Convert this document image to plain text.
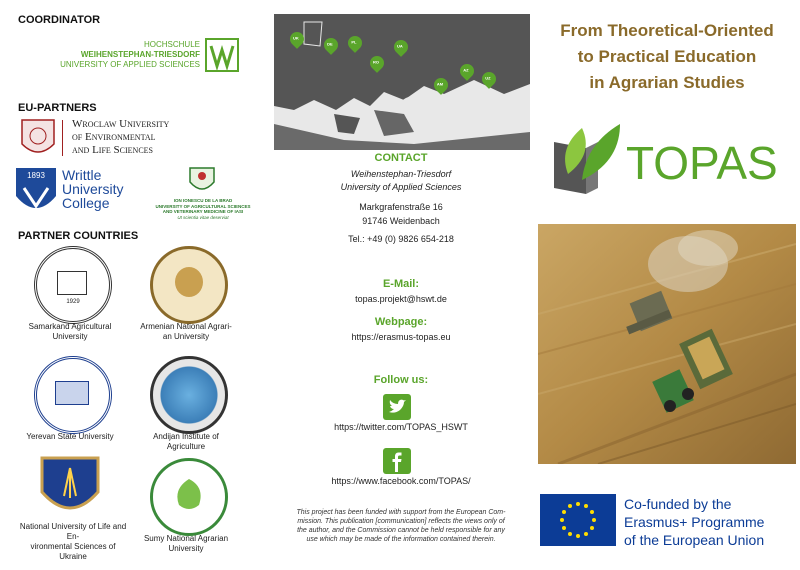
COORDINATOR
HOCHSCHULE
WEIHENSTEPHAN-TRIESDORF
UNIVERSITY OF APPLIED SCIENCES
EU-PARTNERS
Wroclaw University
of Environmental
and Life Sciences
1893 Writtle
University
College	ION IONESCU DE LA BRAD
UNIVERSITY OF AGRICULTURAL SCIENCES
AND VETERINARY MEDICINE OF IASI
Ut scientia vitae deserviat
PARTNER COUNTRIES
1929
Samarkand Agricultural
University
Armenian National Agrari-
an University
Yerevan State University	Andijan Institute of Agriculture
National University of Life and En-
vironmental Sciences of Ukraine
Sumy National Agrarian
University
UK
DE	PL
UA
RO
AM
UZ
AZ
CONTACT
Weihenstephan-Triesdorf
University of Applied Sciences
Markgrafenstraße 16
91746 Weidenbach
Tel.: +49 (0) 9826 654-218
E-Mail:
topas.projekt@hswt.de
Webpage:
https://erasmus-topas.eu
Follow us:
https://twitter.com/TOPAS_HSWT
https://www.facebook.com/TOPAS/
This project has been funded with support from the European Com-
mission. This publication [communication] reflects the views only of
the author, and the Commission cannot be held responsible for any
use which may be made of the information contained therein.
From Theoretical-Oriented
to Practical Education
in Agrarian Studies
TOPAS
Co-funded by the
Erasmus+ Programme
of the European Union
